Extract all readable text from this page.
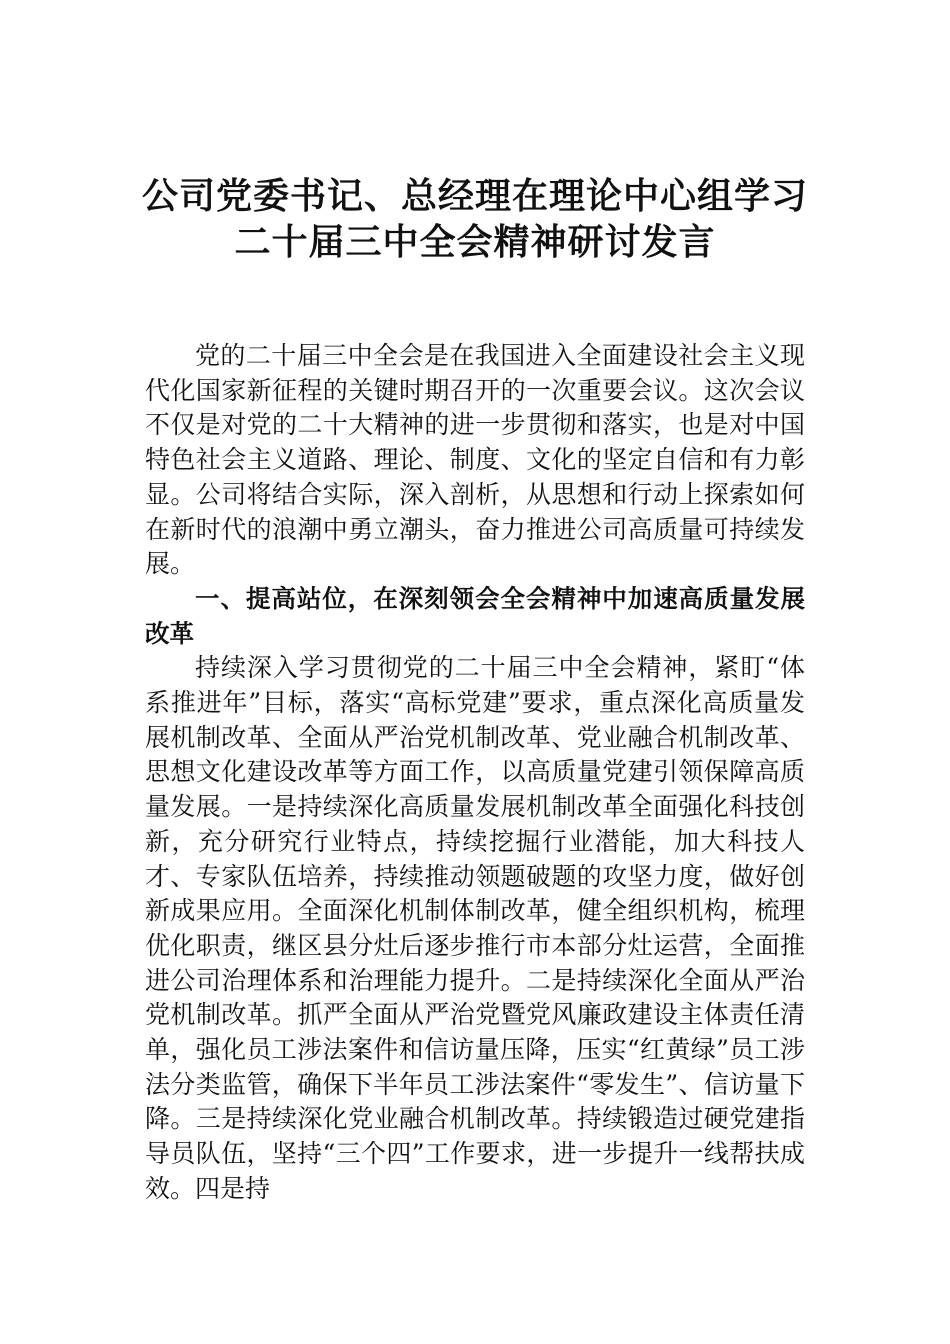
公司党委书记、总经理在理论中心组学习
二十届三中全会精神研讨发言

党的二十届三中全会是在我国进入全面建设社会主义现代化国家新征程的关键时期召开的一次重要会议。这次会议不仅是对党的二十大精神的进一步贯彻和落实，也是对中国特色社会主义道路、理论、制度、文化的坚定自信和有力彰显。公司将结合实际，深入剖析，从思想和行动上探索如何在新时代的浪潮中勇立潮头，奋力推进公司高质量可持续发展。

一、提高站位，在深刻领会全会精神中加速高质量发展改革

持续深入学习贯彻党的二十届三中全会精神，紧盯“体系推进年”目标，落实“高标党建”要求，重点深化高质量发展机制改革、全面从严治党机制改革、党业融合机制改革、思想文化建设改革等方面工作，以高质量党建引领保障高质量发展。一是持续深化高质量发展机制改革全面强化科技创新，充分研究行业特点，持续挖掘行业潜能，加大科技人才、专家队伍培养，持续推动领题破题的攻坚力度，做好创新成果应用。全面深化机制体制改革，健全组织机构，梳理优化职责，继区县分灶后逐步推行市本部分灶运营，全面推进公司治理体系和治理能力提升。二是持续深化全面从严治党机制改革。抓严全面从严治党暨党风廉政建设主体责任清单，强化员工涉法案件和信访量压降，压实“红黄绿”员工涉法分类监管，确保下半年员工涉法案件“零发生”、信访量下降。三是持续深化党业融合机制改革。持续锻造过硬党建指导员队伍，坚持“三个四”工作要求，进一步提升一线帮扶成效。四是持
